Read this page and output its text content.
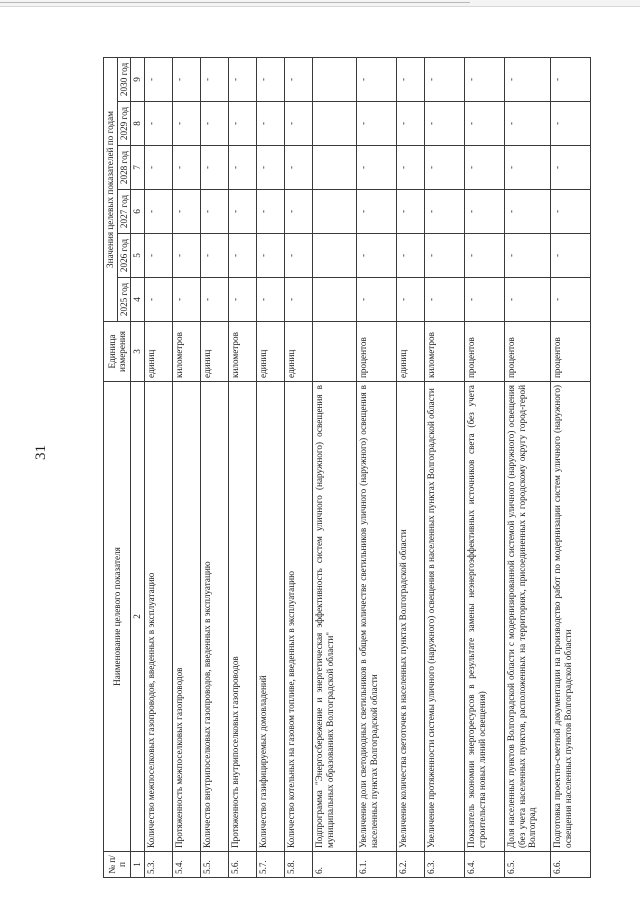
31
№ п/п	Наименование целевого показателя	Единица измерения	Значения целевых показателей по годам					
			2025 год	2026 год	2027 год	2028 год	2029 год	2030 год
1	2	3	4	5	6	7	8	9
5.3.	Количество межпоселковых газопроводов, введенных в эксплуатацию	единиц	-	-	-	-	-	-
5.4.	Протяженность межпоселковых газопроводов	километров	-	-	-	-	-	-
5.5.	Количество внутрипоселковых газопроводов, введенных в эксплуатацию	единиц	-	-	-	-	-	-
5.6.	Протяженность внутрипоселковых газопроводов	километров	-	-	-	-	-	-
5.7.	Количество газифицируемых домовладений	единиц	-	-	-	-	-	-
5.8.	Количество котельных на газовом топливе, введенных в эксплуатацию	единиц	-	-	-	-	-	-
6.	Подпрограмма "Энергосбережение и энергетическая эффективность систем уличного (наружного) освещения в муниципальных образованиях Волгоградской области"							
6.1.	Увеличение доли светодиодных светильников в общем количестве светильников уличного (наружного) освещения в населенных пунктах Волгоградской области	процентов	-	-	-	-	-	-
6.2.	Увеличение количества светоточек в населенных пунктах Волгоградской области	единиц	-	-	-	-	-	-
6.3.	Увеличение протяженности системы уличного (наружного) освещения в населенных пунктах Волгоградской области	километров	-	-	-	-	-	-
6.4.	Показатель экономии энергоресурсов в результате замены неэнергоэффективных источников света (без учета строительства новых линий освещения)	процентов	-	-	-	-	-	-
6.5.	Доля населенных пунктов Волгоградской области с модернизированной системой уличного (наружного) освещения (без учета населенных пунктов, расположенных на территориях, присоединенных к городскому округу город-герой Волгоград	процентов	-	-	-	-	-	-
6.6.	Подготовка проектно-сметной документации на производство работ по модернизации систем уличного (наружного) освещения населенных пунктов Волгоградской области	процентов	-	-	-	-	-	-
